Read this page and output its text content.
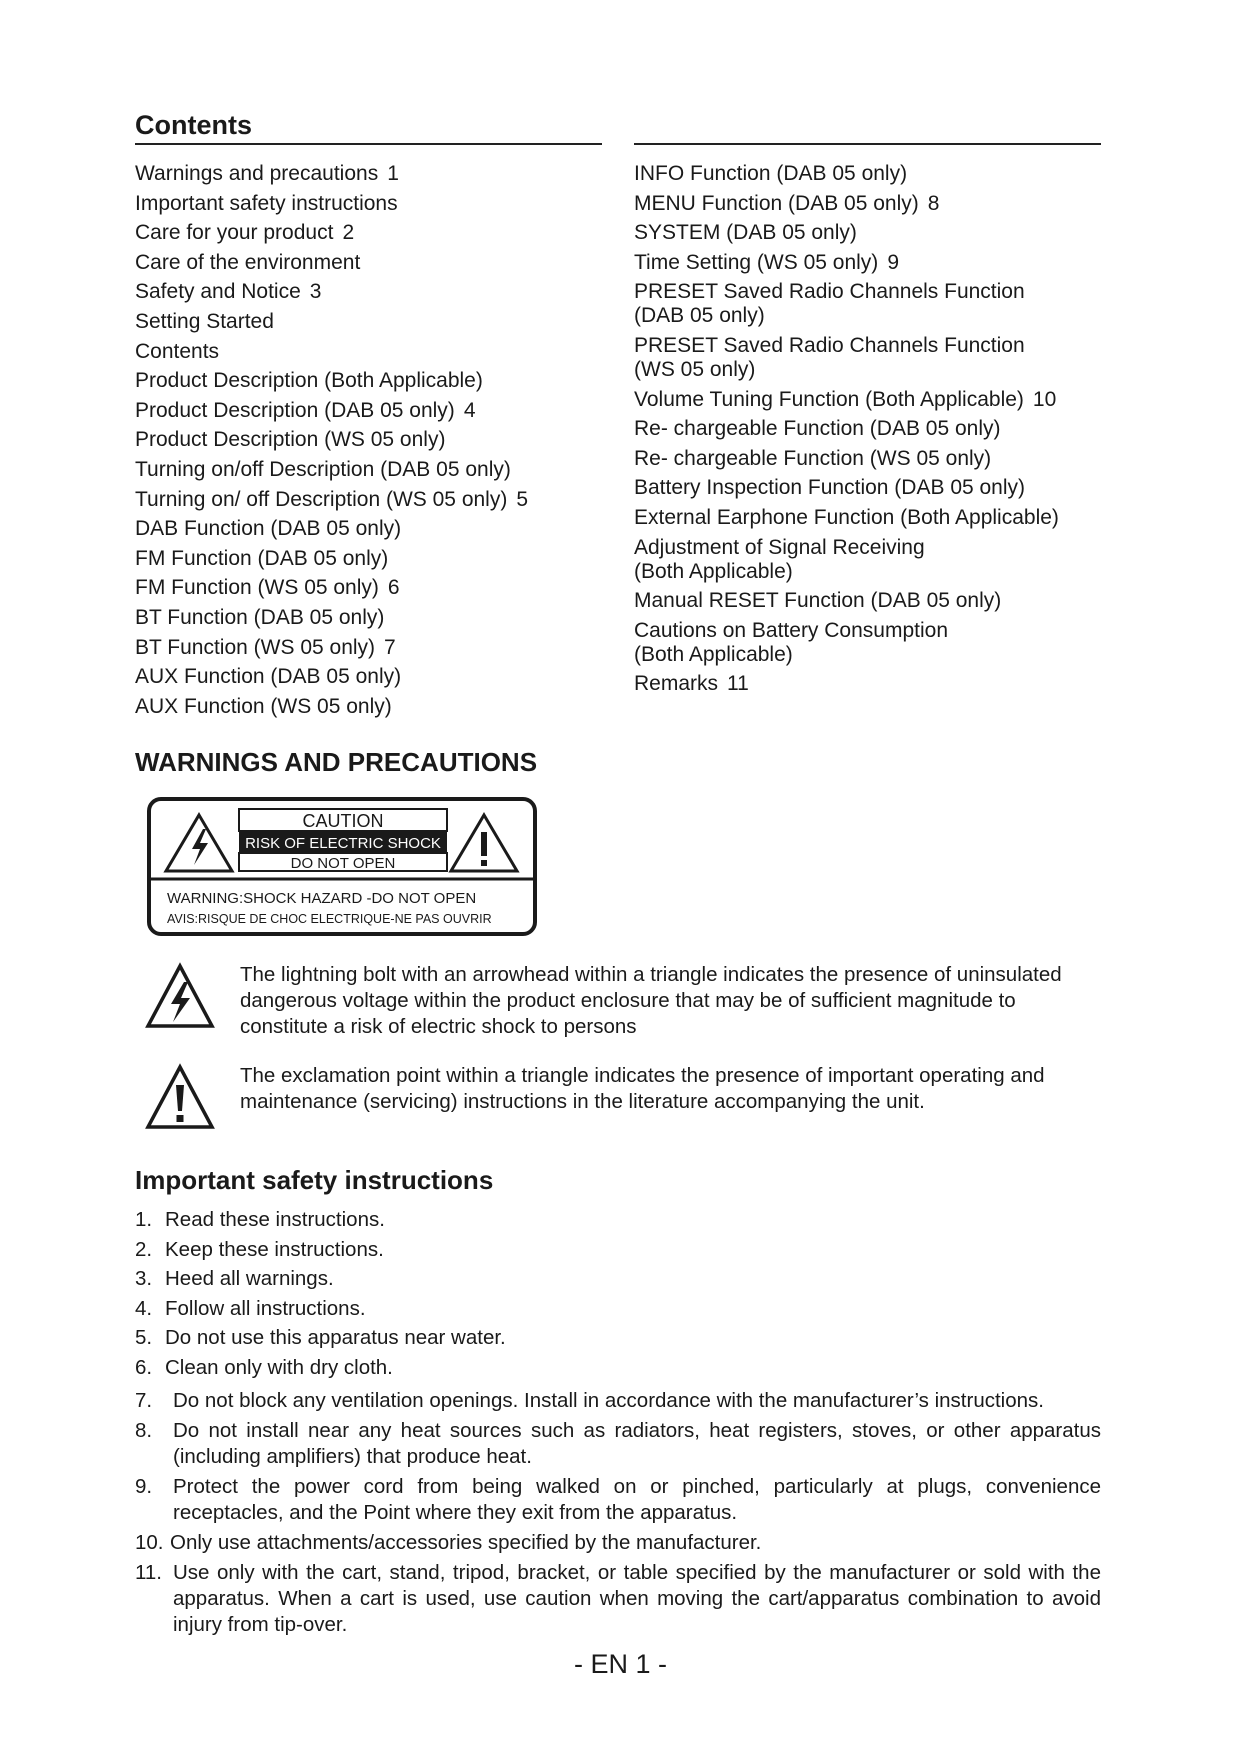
Contents
Warnings and precautions 1
Important safety instructions
Care for your product 2
Care of the environment
Safety and Notice 3
Setting Started
Contents
Product Description (Both Applicable)
Product Description (DAB 05 only) 4
Product Description (WS 05 only)
Turning on/off Description (DAB 05 only)
Turning on/ off Description (WS 05 only) 5
DAB Function (DAB 05 only)
FM Function (DAB 05 only)
FM Function (WS 05 only) 6
BT Function (DAB 05 only)
BT Function (WS 05 only) 7
AUX Function (DAB 05 only)
AUX Function (WS 05 only)
INFO Function (DAB 05 only)
MENU Function (DAB 05 only) 8
SYSTEM (DAB 05 only)
Time Setting (WS 05 only) 9
PRESET Saved Radio Channels Function
(DAB 05 only)
PRESET Saved Radio Channels Function
(WS 05 only)
Volume Tuning Function (Both Applicable) 10
Re- chargeable Function (DAB 05 only)
Re- chargeable Function (WS 05 only)
Battery Inspection Function (DAB 05 only)
External Earphone Function (Both Applicable)
Adjustment of Signal Receiving
(Both Applicable)
Manual RESET Function (DAB 05 only)
Cautions on Battery Consumption
(Both Applicable)
Remarks 11
WARNINGS AND PRECAUTIONS
CAUTION
RISK OF ELECTRIC SHOCK
DO NOT OPEN
WARNING:SHOCK HAZARD -DO NOT OPEN
AVIS:RISQUE DE CHOC ELECTRIQUE-NE PAS OUVRIR

The lightning bolt with an arrowhead within a triangle indicates the presence of uninsulated dangerous voltage within the product enclosure that may be of sufficient magnitude to constitute a risk of electric shock to persons

The exclamation point within a triangle indicates the presence of important operating and maintenance (servicing) instructions in the literature accompanying the unit.

Important safety instructions
1. Read these instructions.
2. Keep these instructions.
3. Heed all warnings.
4. Follow all instructions.
5. Do not use this apparatus near water.
6. Clean only with dry cloth.
7.	Do not block any ventilation openings. Install in accordance with the manufacturer’s instructions.
8.	Do not install near any heat sources such as radiators, heat registers, stoves, or other apparatus (including amplifiers) that produce heat.
9.	Protect the power cord from being walked on or pinched, particularly at plugs, convenience receptacles, and the Point where they exit from the apparatus.
10. Only use attachments/accessories specified by the manufacturer.
11. Use only with the cart, stand, tripod, bracket, or table specified by the manufacturer or sold with the apparatus. When a cart is used, use caution when moving the cart/apparatus combination to avoid injury from tip-over.

- EN 1 -
